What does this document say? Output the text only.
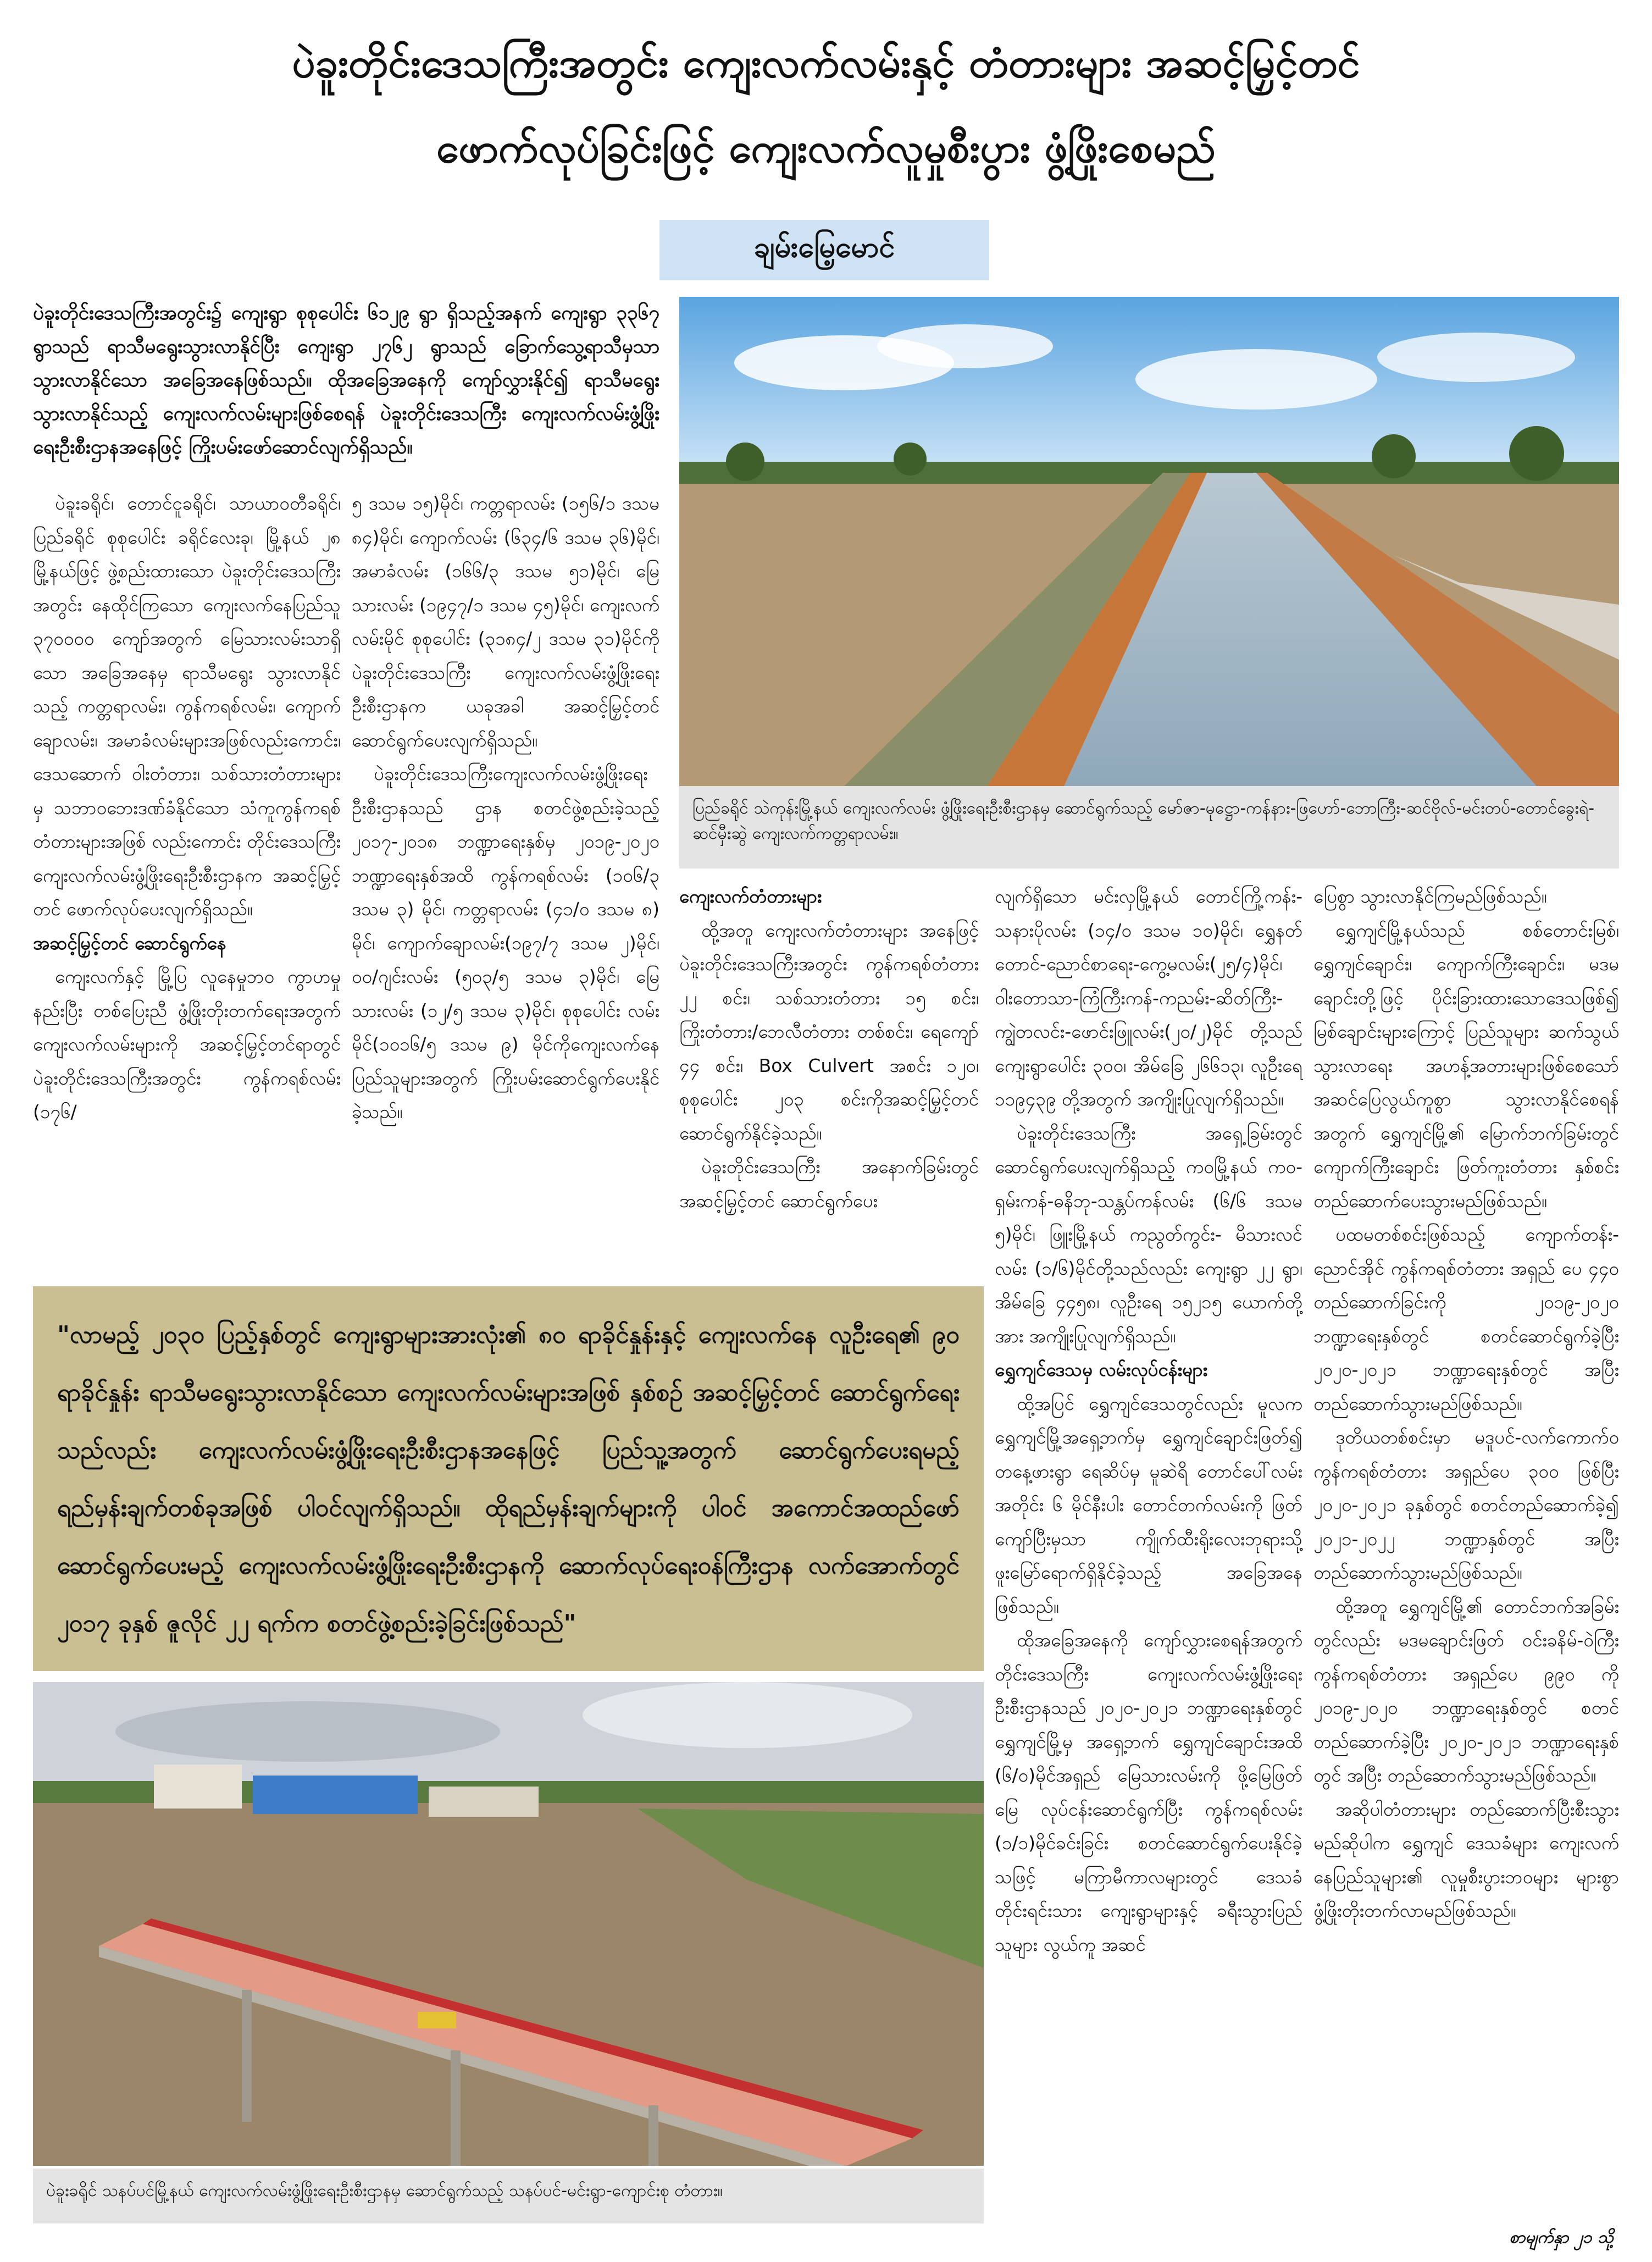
ပဲခူးတိုင်းဒေသကြီးအတွင်း ကျေးလက်လမ်းနှင့် တံတားများ အဆင့်မြှင့်တင်
ဖောက်လုပ်ခြင်းဖြင့် ကျေးလက်လူမှုစီးပွား ဖွံ့ဖြိုးစေမည်
ချမ်းမြေ့မောင်
ပဲခူးတိုင်းဒေသကြီးအတွင်း၌ ကျေးရွာ စုစုပေါင်း ၆၁၂၉ ရွာ ရှိသည့်အနက် ကျေးရွာ ၃၃၆၇ ရွာသည် ရာသီမရွေးသွားလာနိုင်ပြီး ကျေးရွာ ၂၇၆၂ ရွာသည် ခြောက်သွေ့ရာသီမှသာ သွားလာနိုင်သော အခြေအနေဖြစ်သည်။ ထိုအခြေအနေကို ကျော်လွှားနိုင်၍ ရာသီမရွေး သွားလာနိုင်သည့် ကျေးလက်လမ်းများဖြစ်စေရန် ပဲခူးတိုင်းဒေသကြီး ကျေးလက်လမ်းဖွံ့ဖြိုးရေးဦးစီးဌာနအနေဖြင့် ကြိုးပမ်းဖော်ဆောင်လျက်ရှိသည်။
ပြည်ခရိုင် သဲကုန်းမြို့နယ် ကျေးလက်လမ်း ဖွံ့ဖြိုးရေးဦးစီးဌာနမှ ဆောင်ရွက်သည့် မော်ဇာ-မုဋ္ဌော-ကန်နား-ဖြဟော်-ဘောကြီး-ဆင်ဗိုလ်-မင်းတပ်-တောင်ခွေးရဲ-ဆင်မှီးဆွဲ ကျေးလက်ကတ္တရာလမ်း။

ပဲခူးခရိုင်၊ တောင်ငူခရိုင်၊ သာယာဝတီခရိုင်၊ ပြည်ခရိုင် စုစုပေါင်း ခရိုင်လေးခု၊ မြို့နယ် ၂၈ မြို့နယ်ဖြင့် ဖွဲ့စည်းထားသော ပဲခူးတိုင်းဒေသကြီးအတွင်း နေထိုင်ကြသော ကျေးလက်နေပြည်သူ ၃၇၀၀၀၀ ကျော်အတွက် မြေသားလမ်းသာရှိသော အခြေအနေမှ ရာသီမရွေး သွားလာနိုင်သည့် ကတ္တရာလမ်း၊ ကွန်ကရစ်လမ်း၊ ကျောက်ချောလမ်း၊ အမာခံလမ်းများအဖြစ်လည်းကောင်း၊ ဒေသဆောက် ဝါးတံတား၊ သစ်သားတံတားများမှ သဘာဝဘေးဒဏ်ခံနိုင်သော သံကူကွန်ကရစ်တံတားများအဖြစ် လည်းကောင်း တိုင်းဒေသကြီး ကျေးလက်လမ်းဖွံ့ဖြိုးရေးဦးစီးဌာနက အဆင့်မြှင့်တင် ဖောက်လုပ်ပေးလျက်ရှိသည်။

အဆင့်မြှင့်တင် ဆောင်ရွက်နေ

ကျေးလက်နှင့် မြို့ပြ လူနေမှုဘဝ ကွာဟမှုနည်းပြီး တစ်ပြေးညီ ဖွံ့ဖြိုးတိုးတက်ရေးအတွက် ကျေးလက်လမ်းများကို အဆင့်မြှင့်တင်ရာတွင် ပဲခူးတိုင်းဒေသကြီးအတွင်း ကွန်ကရစ်လမ်း (၁၇၆/

၅ ဒသမ ၁၅)မိုင်၊ ကတ္တရာလမ်း (၁၅၆/၁ ဒသမ ၈၄)မိုင်၊ ကျောက်လမ်း (၆၃၄/၆ ဒသမ ၃၆)မိုင်၊ အမာခံလမ်း (၁၆၆/၃ ဒသမ ၅၁)မိုင်၊ မြေသားလမ်း (၁၉၄၇/၁ ဒသမ ၄၅)မိုင်၊ ကျေးလက်လမ်းမိုင် စုစုပေါင်း (၃၁၈၄/၂ ဒသမ ၃၁)မိုင်ကို ပဲခူးတိုင်းဒေသကြီး ကျေးလက်လမ်းဖွံ့ဖြိုးရေးဦးစီးဌာနက ယခုအခါ အဆင့်မြှင့်တင် ဆောင်ရွက်ပေးလျက်ရှိသည်။

ပဲခူးတိုင်းဒေသကြီးကျေးလက်လမ်းဖွံ့ဖြိုးရေး ဦးစီးဌာနသည် ဌာန စတင်ဖွဲ့စည်းခဲ့သည့် ၂၀၁၇-၂၀၁၈ ဘဏ္ဍာရေးနှစ်မှ ၂၀၁၉-၂၀၂၀ ဘဏ္ဍာရေးနှစ်အထိ ကွန်ကရစ်လမ်း (၁၀၆/၃ ဒသမ ၃) မိုင်၊ ကတ္တရာလမ်း (၄၁/၀ ဒသမ ၈) မိုင်၊ ကျောက်ချောလမ်း(၁၉၇/၇ ဒသမ ၂)မိုင်၊ ဝဝ/ဂျင်းလမ်း (၅၀၃/၅ ဒသမ ၃)မိုင်၊ မြေသားလမ်း (၁၂/၅ ဒသမ ၃)မိုင်၊ စုစုပေါင်း လမ်းမိုင်(၁၀၁၆/၅ ဒသမ ၉) မိုင်ကိုကျေးလက်နေပြည်သူများအတွက် ကြိုးပမ်းဆောင်ရွက်ပေးနိုင်ခဲ့သည်။

ကျေးလက်တံတားများ

ထို့အတူ ကျေးလက်တံတားများ အနေဖြင့် ပဲခူးတိုင်းဒေသကြီးအတွင်း ကွန်ကရစ်တံတား ၂၂ စင်း၊ သစ်သားတံတား ၁၅ စင်း၊ ကြိုးတံတား/ဘေလီတံတား တစ်စင်း၊ ရေကျော် ၄၄ စင်း၊ Box Culvert အစင်း ၁၂၀၊ စုစုပေါင်း ၂၀၃ စင်းကိုအဆင့်မြှင့်တင် ဆောင်ရွက်နိုင်ခဲ့သည်။

ပဲခူးတိုင်းဒေသကြီး အနောက်ခြမ်းတွင် အဆင့်မြှင့်တင် ဆောင်ရွက်ပေး

လျက်ရှိသော မင်းလှမြို့နယ် တောင်ကြို့ကန်း-သနားပိုလမ်း (၁၄/၀ ဒသမ ၁၀)မိုင်၊ ရွှေနတ်တောင်-ညောင်စာရေး-ကွေ့မလမ်း(၂၅/၄)မိုင်၊ ဝါးတောသာ-ကြံကြီးကန်-ကညမ်း-ဆိတ်ကြီး-ကျွဲတလင်း-ဖောင်းဖြူလမ်း(၂၀/၂)မိုင် တို့သည် ကျေးရွာပေါင်း ၃၀၀၊ အိမ်ခြေ ၂၆၆၁၃၊ လူဦးရေ ၁၁၉၄၃၉ တို့အတွက် အကျိုးပြုလျက်ရှိသည်။

ပဲခူးတိုင်းဒေသကြီး အရှေ့ခြမ်းတွင် ဆောင်ရွက်ပေးလျက်ရှိသည့် ကဝမြို့နယ် ကဝ-ရှမ်းကန်-ဓနိဘု-သန္တပ်ကန်လမ်း (၆/၆ ဒသမ ၅)မိုင်၊ ဖြူးမြို့နယ် ကညွတ်ကွင်း- မိသားလင်လမ်း (၁/၆)မိုင်တို့သည်လည်း ကျေးရွာ ၂၂ ရွာ၊ အိမ်ခြေ ၄၄၅၈၊ လူဦးရေ ၁၅၂၁၅ ယောက်တို့အား အကျိုးပြုလျက်ရှိသည်။

ရွှေကျင်ဒေသမှ လမ်းလုပ်ငန်းများ

ထို့အပြင် ရွှေကျင်ဒေသတွင်လည်း မူလက ရွှေကျင်မြို့အရှေ့ဘက်မှ ရွှေကျင်ချောင်းဖြတ်၍ တနေ့ဖားရွာ ရေဆိပ်မှ မူဆဲရိ တောင်ပေါ်လမ်းအတိုင်း ၆ မိုင်နီးပါး တောင်တက်လမ်းကို ဖြတ်ကျော်ပြီးမှသာ ကျိုက်ထီးရိုးလေးဘုရားသို့ ဖူးမြော်ရောက်ရှိနိုင်ခဲ့သည့် အခြေအနေဖြစ်သည်။

ထိုအခြေအနေကို ကျော်လွှားစေရန်အတွက်တိုင်းဒေသကြီး ကျေးလက်လမ်းဖွံ့ဖြိုးရေး ဦးစီးဌာနသည် ၂၀၂၀-၂၀၂၁ ဘဏ္ဍာရေးနှစ်တွင် ရွှေကျင်မြို့မှ အရှေ့ဘက် ရွှေကျင်ချောင်းအထိ (၆/၀)မိုင်အရှည် မြေသားလမ်းကို ဖို့မြေဖြတ်မြေ လုပ်ငန်းဆောင်ရွက်ပြီး ကွန်ကရစ်လမ်း (၁/၁)မိုင်ခင်းခြင်း စတင်ဆောင်ရွက်ပေးနိုင်ခဲ့သဖြင့် မကြာမီကာလများတွင် ဒေသခံတိုင်းရင်းသား ကျေးရွာများနှင့် ခရီးသွားပြည်သူများ လွယ်ကူ အဆင်

ပြေစွာ သွားလာနိုင်ကြမည်ဖြစ်သည်။

ရွှေကျင်မြို့နယ်သည် စစ်တောင်းမြစ်၊ ရွှေကျင်ချောင်း၊ ကျောက်ကြီးချောင်း၊ မဒမချောင်းတို့ဖြင့် ပိုင်းခြားထားသောဒေသဖြစ်၍ မြစ်ချောင်းများကြောင့် ပြည်သူများ ဆက်သွယ်သွားလာရေး အဟန့်အတားများဖြစ်စေသော် အဆင်ပြေလွယ်ကူစွာ သွားလာနိုင်စေရန်အတွက် ရွှေကျင်မြို့၏ မြောက်ဘက်ခြမ်းတွင် ကျောက်ကြီးချောင်း ဖြတ်ကူးတံတား နှစ်စင်း တည်ဆောက်ပေးသွားမည်ဖြစ်သည်။

ပထမတစ်စင်းဖြစ်သည့် ကျောက်တန်း-ညောင်အိုင် ကွန်ကရစ်တံတား အရှည် ပေ ၄၄၀ တည်ဆောက်ခြင်းကို ၂၀၁၉-၂၀၂၀ ဘဏ္ဍာရေးနှစ်တွင် စတင်ဆောင်ရွက်ခဲ့ပြီး ၂၀၂၀-၂၀၂၁ ဘဏ္ဍာရေးနှစ်တွင် အပြီး တည်ဆောက်သွားမည်ဖြစ်သည်။

ဒုတိယတစ်စင်းမှာ မဒူပင်-လက်ကောက်ဝ ကွန်ကရစ်တံတား အရှည်ပေ ၃၀၀ ဖြစ်ပြီး ၂၀၂၀-၂၀၂၁ ခုနှစ်တွင် စတင်တည်ဆောက်ခဲ့၍ ၂၀၂၁-၂၀၂၂ ဘဏ္ဍာနှစ်တွင် အပြီး တည်ဆောက်သွားမည်ဖြစ်သည်။

ထို့အတူ ရွှေကျင်မြို့၏ တောင်ဘက်အခြမ်းတွင်လည်း မဒမချောင်းဖြတ် ဝင်းခနိမ်-ဝဲကြီး ကွန်ကရစ်တံတား အရှည်ပေ ၉၉၀ ကို ၂၀၁၉-၂၀၂၀ ဘဏ္ဍာရေးနှစ်တွင် စတင်တည်ဆောက်ခဲ့ပြီး ၂၀၂၀-၂၀၂၁ ဘဏ္ဍာရေးနှစ်တွင် အပြီး တည်ဆောက်သွားမည်ဖြစ်သည်။

အဆိုပါတံတားများ တည်ဆောက်ပြီးစီးသွားမည်ဆိုပါက ရွှေကျင် ဒေသခံများ ကျေးလက်နေပြည်သူများ၏ လူမှုစီးပွားဘဝများ များစွာ ဖွံ့ဖြိုးတိုးတက်လာမည်ဖြစ်သည်။

"လာမည့် ၂၀၃၀ ပြည့်နှစ်တွင် ကျေးရွာများအားလုံး၏ ၈၀ ရာခိုင်နှုန်းနှင့် ကျေးလက်နေ လူဦးရေ၏ ၉၀ ရာခိုင်နှုန်း ရာသီမရွေးသွားလာနိုင်သော ကျေးလက်လမ်းများအဖြစ် နှစ်စဉ် အဆင့်မြှင့်တင် ဆောင်ရွက်ရေးသည်လည်း ကျေးလက်လမ်းဖွံ့ဖြိုးရေးဦးစီးဌာနအနေဖြင့် ပြည်သူ့အတွက် ဆောင်ရွက်ပေးရမည့် ရည်မှန်းချက်တစ်ခုအဖြစ် ပါဝင်လျက်ရှိသည်။ ထိုရည်မှန်းချက်များကို ပါဝင် အကောင်အထည်ဖော် ဆောင်ရွက်ပေးမည့် ကျေးလက်လမ်းဖွံ့ဖြိုးရေးဦးစီးဌာနကို ဆောက်လုပ်ရေးဝန်ကြီးဌာန လက်အောက်တွင် ၂၀၁၇ ခုနှစ် ဇူလိုင် ၂၂ ရက်က စတင်ဖွဲ့စည်းခဲ့ခြင်းဖြစ်သည်"
ပဲခူးခရိုင် သနပ်ပင်မြို့နယ် ကျေးလက်လမ်းဖွံ့ဖြိုးရေးဦးစီးဌာနမှ ဆောင်ရွက်သည့် သနပ်ပင်-မင်းရွာ-ကျောင်းစု တံတား။
စာမျက်နှာ ၂၁ သို့
